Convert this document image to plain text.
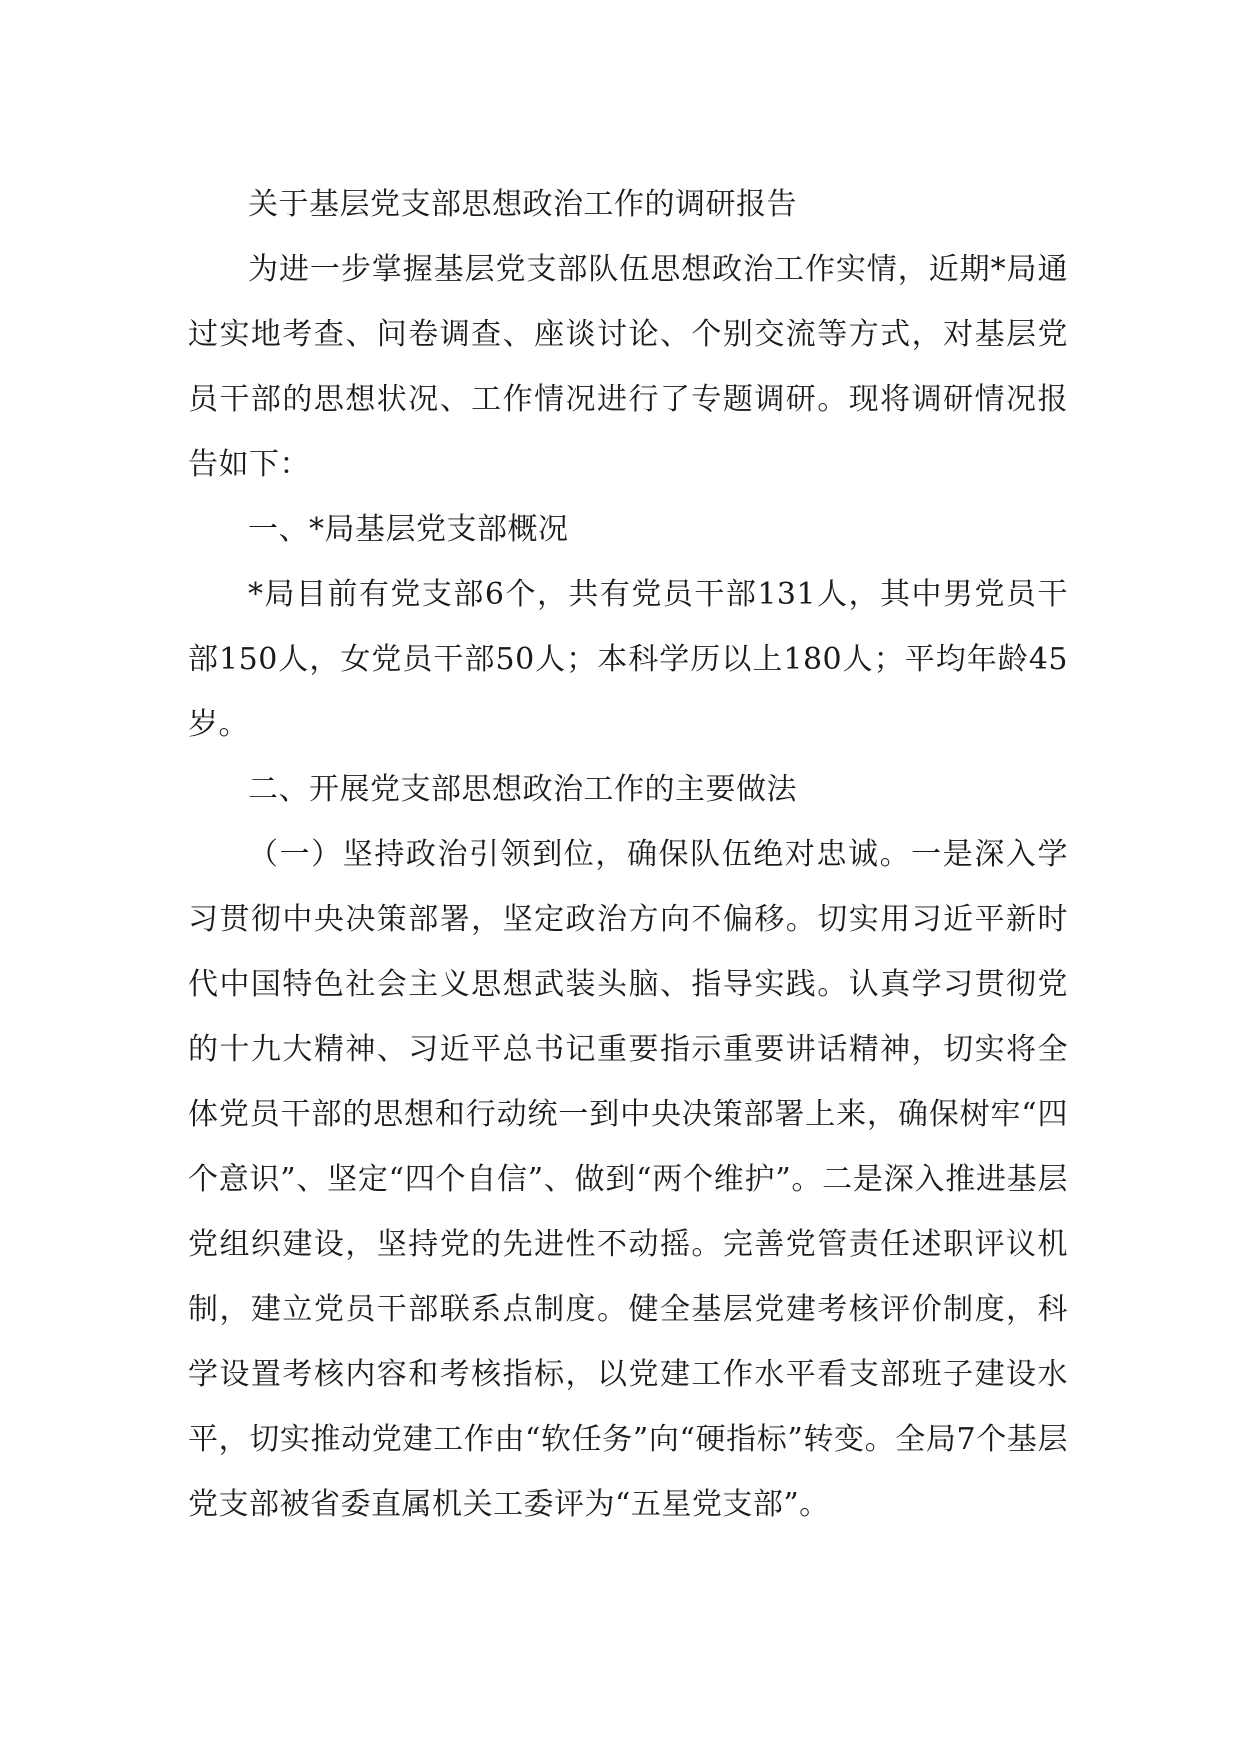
关于基层党支部思想政治工作的调研报告

为进一步掌握基层党支部队伍思想政治工作实情，近期*局通过实地考查、问卷调查、座谈讨论、个别交流等方式，对基层党员干部的思想状况、工作情况进行了专题调研。现将调研情况报告如下：

一、*局基层党支部概况

*局目前有党支部6个，共有党员干部131人，其中男党员干部150人，女党员干部50人；本科学历以上180人；平均年龄45岁。

二、开展党支部思想政治工作的主要做法

（一）坚持政治引领到位，确保队伍绝对忠诚。一是深入学习贯彻中央决策部署，坚定政治方向不偏移。切实用习近平新时代中国特色社会主义思想武装头脑、指导实践。认真学习贯彻党的十九大精神、习近平总书记重要指示重要讲话精神，切实将全体党员干部的思想和行动统一到中央决策部署上来，确保树牢“四个意识”、坚定“四个自信”、做到“两个维护”。二是深入推进基层党组织建设，坚持党的先进性不动摇。完善党管责任述职评议机制，建立党员干部联系点制度。健全基层党建考核评价制度，科学设置考核内容和考核指标，以党建工作水平看支部班子建设水平，切实推动党建工作由“软任务”向“硬指标”转变。全局7个基层党支部被省委直属机关工委评为“五星党支部”。
